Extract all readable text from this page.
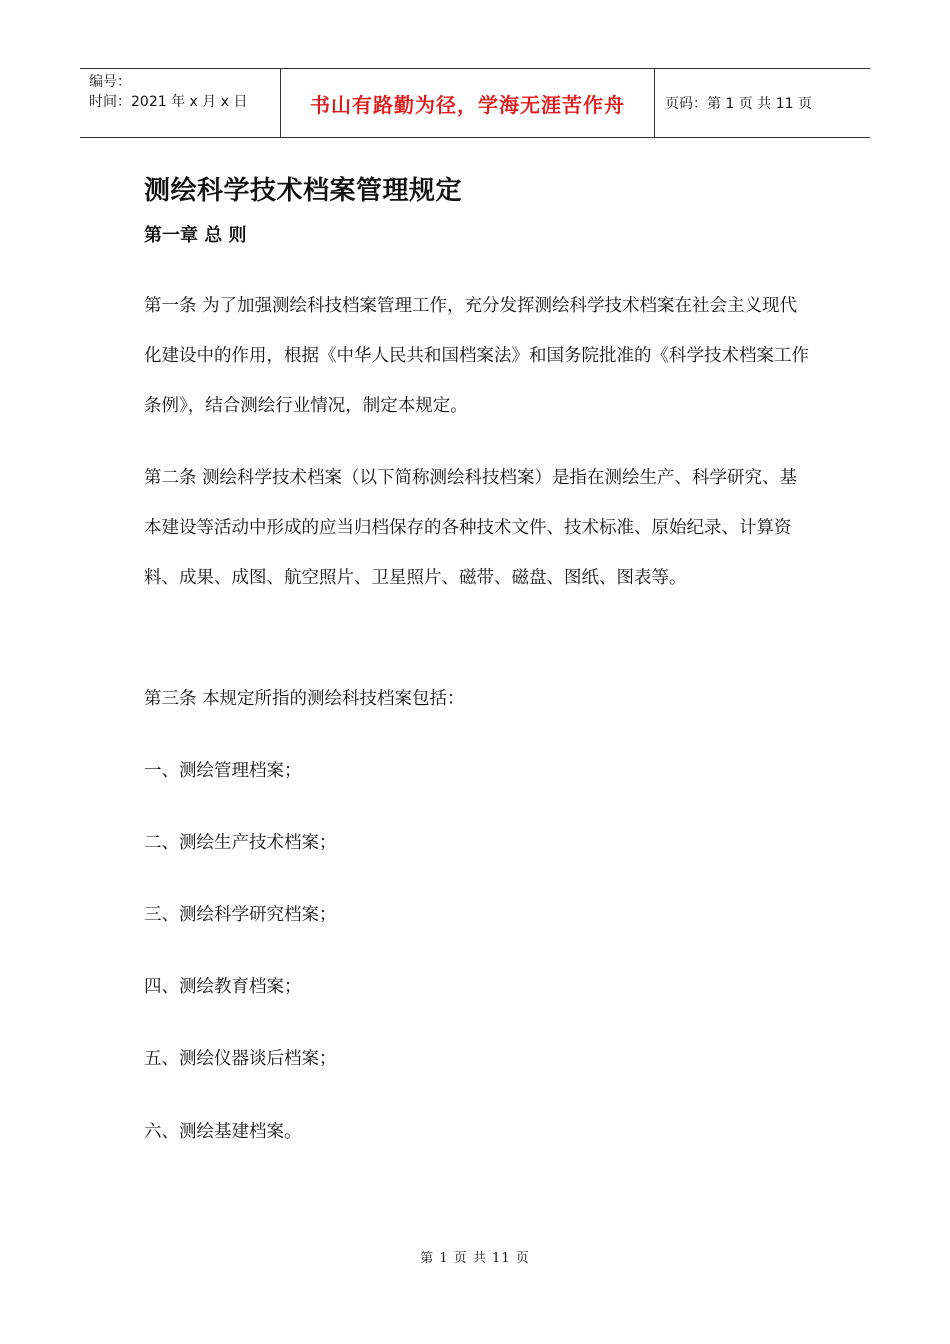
编号：
时间：2021 年 x 月 x 日	书山有路勤为径，学海无涯苦作舟	页码：第 1 页 共 11 页
测绘科学技术档案管理规定
第一章 总 则

第一条 为了加强测绘科技档案管理工作，充分发挥测绘科学技术档案在社会主义现代化建设中的作用，根据《中华人民共和国档案法》和国务院批准的《科学技术档案工作条例》，结合测绘行业情况，制定本规定。

第二条 测绘科学技术档案（以下简称测绘科技档案）是指在测绘生产、科学研究、基本建设等活动中形成的应当归档保存的各种技术文件、技术标准、原始纪录、计算资料、成果、成图、航空照片、卫星照片、磁带、磁盘、图纸、图表等。

第三条 本规定所指的测绘科技档案包括：

一、测绘管理档案；

二、测绘生产技术档案；

三、测绘科学研究档案；

四、测绘教育档案；

五、测绘仪器谈后档案；

六、测绘基建档案。

第 1 页 共 11 页
